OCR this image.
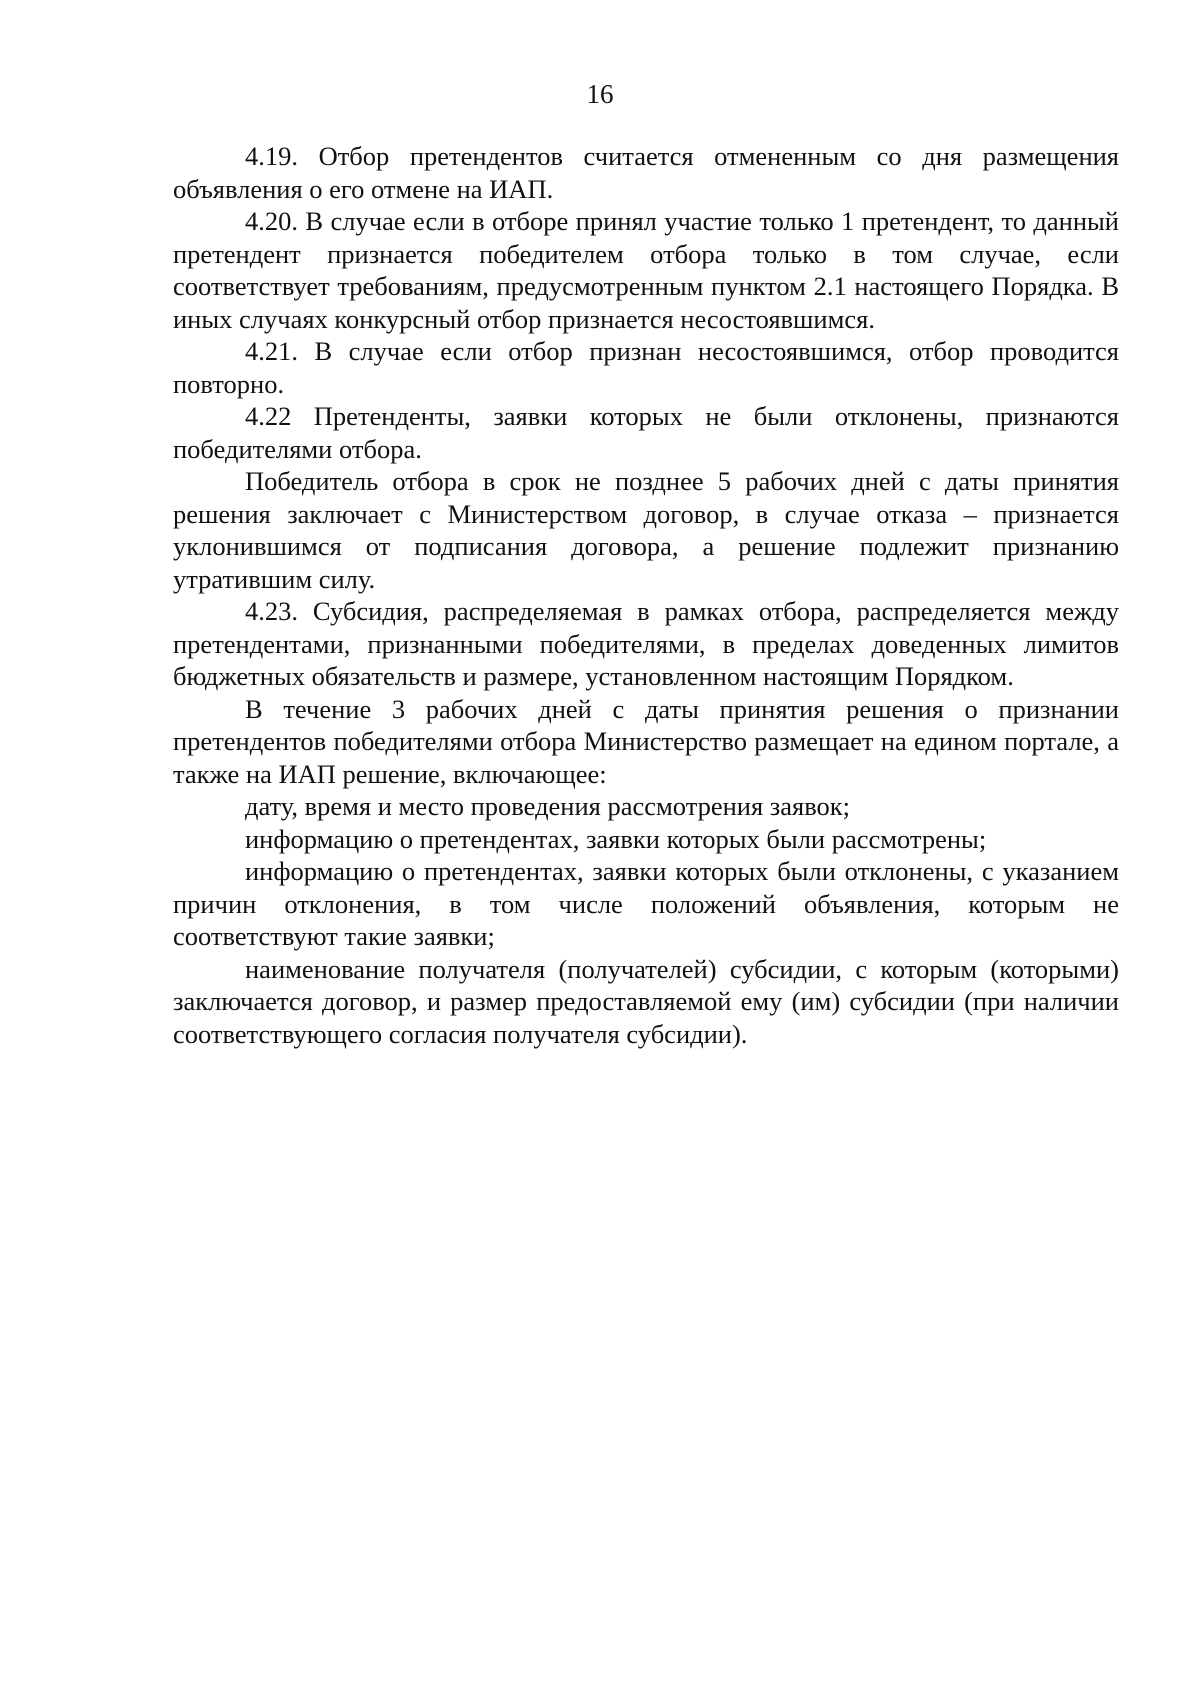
16

4.19. Отбор претендентов считается отмененным со дня размещения объявления о его отмене на ИАП.

4.20. В случае если в отборе принял участие только 1 претендент, то данный претендент признается победителем отбора только в том случае, если соответствует требованиям, предусмотренным пунктом 2.1 настоящего Порядка. В иных случаях конкурсный отбор признается несостоявшимся.

4.21. В случае если отбор признан несостоявшимся, отбор проводится повторно.

4.22 Претенденты, заявки которых не были отклонены, признаются победителями отбора.

Победитель отбора в срок не позднее 5 рабочих дней с даты принятия решения заключает с Министерством договор, в случае отказа – признается уклонившимся от подписания договора, а решение подлежит признанию утратившим силу.

4.23. Субсидия, распределяемая в рамках отбора, распределяется между претендентами, признанными победителями, в пределах доведенных лимитов бюджетных обязательств и размере, установленном настоящим Порядком.

В течение 3 рабочих дней с даты принятия решения о признании претендентов победителями отбора Министерство размещает на едином портале, а также на ИАП решение, включающее:

дату, время и место проведения рассмотрения заявок;

информацию о претендентах, заявки которых были рассмотрены;

информацию о претендентах, заявки которых были отклонены, с указанием причин отклонения, в том числе положений объявления, которым не соответствуют такие заявки;

наименование получателя (получателей) субсидии, с которым (которыми) заключается договор, и размер предоставляемой ему (им) субсидии (при наличии соответствующего согласия получателя субсидии).
